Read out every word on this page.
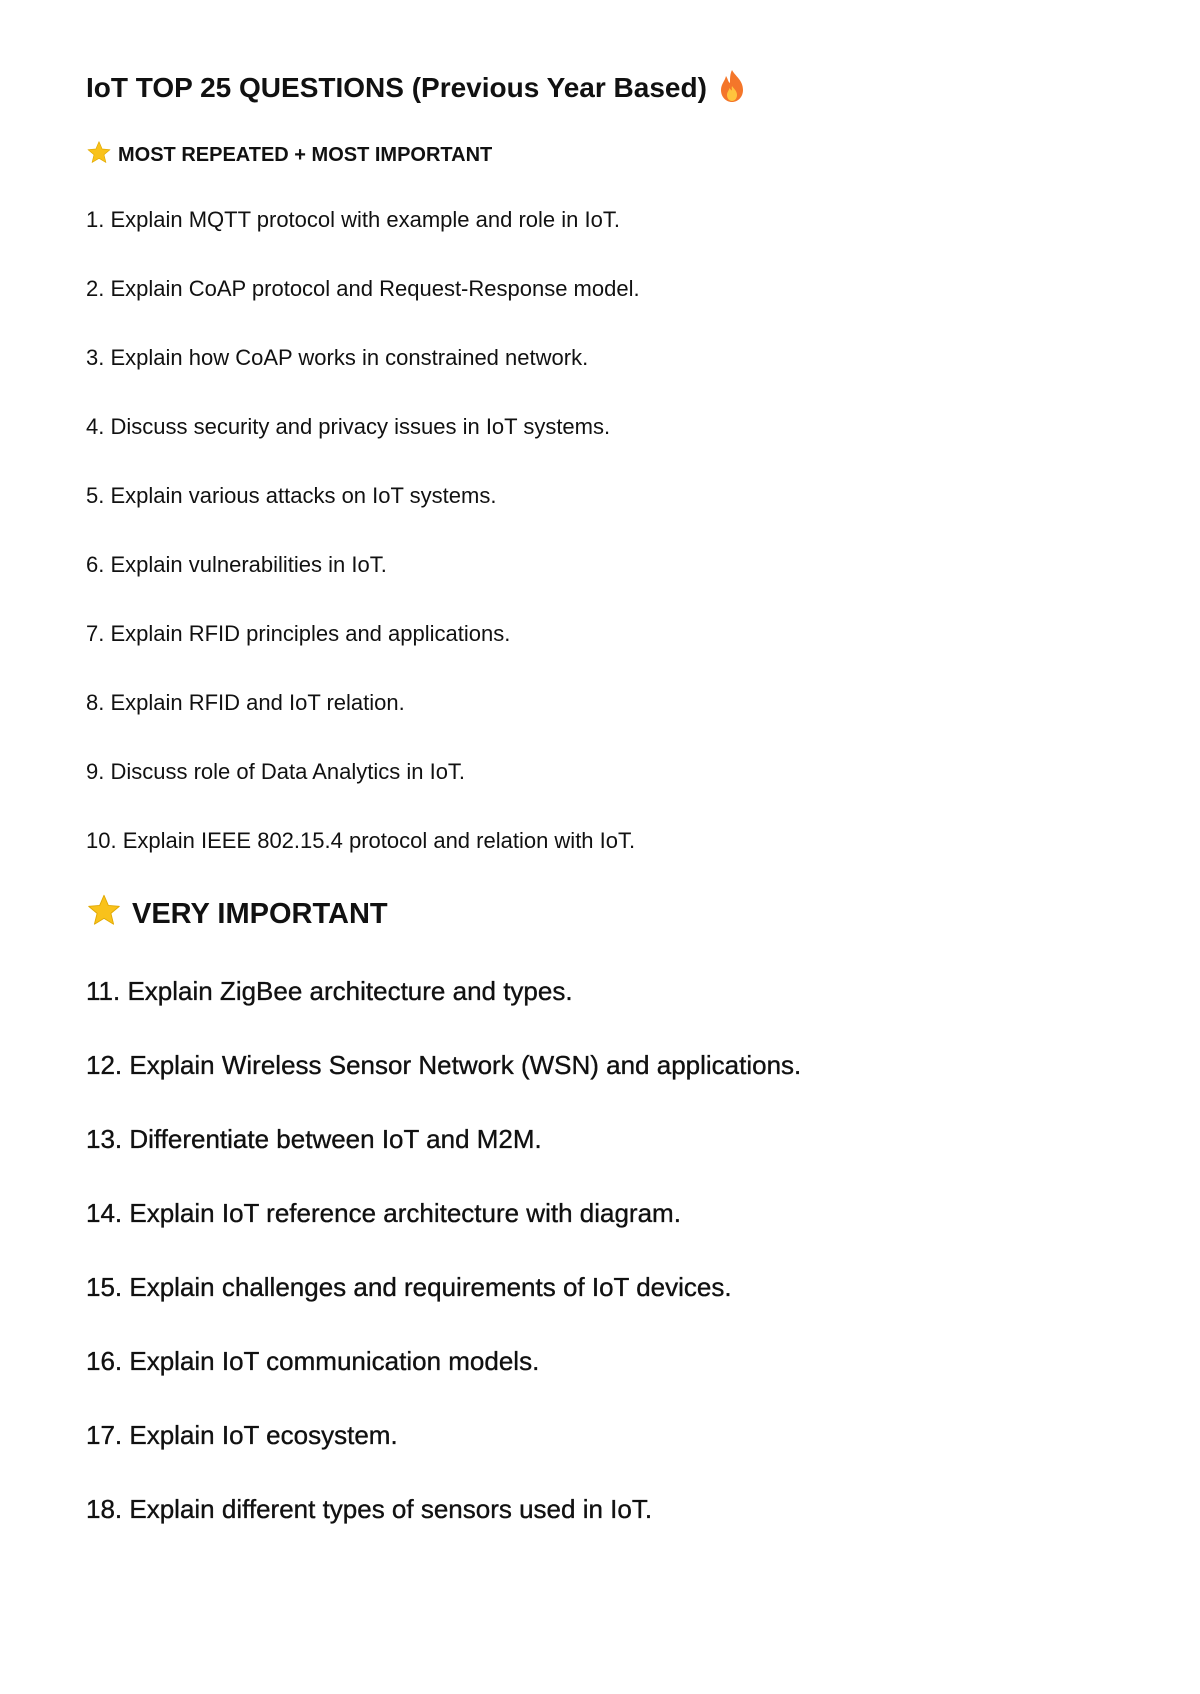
IoT TOP 25 QUESTIONS (Previous Year Based)
MOST REPEATED + MOST IMPORTANT
1. Explain MQTT protocol with example and role in IoT.
2. Explain CoAP protocol and Request-Response model.
3. Explain how CoAP works in constrained network.
4. Discuss security and privacy issues in IoT systems.
5. Explain various attacks on IoT systems.
6. Explain vulnerabilities in IoT.
7. Explain RFID principles and applications.
8. Explain RFID and IoT relation.
9. Discuss role of Data Analytics in IoT.
10. Explain IEEE 802.15.4 protocol and relation with IoT.
VERY IMPORTANT
11. Explain ZigBee architecture and types.
12. Explain Wireless Sensor Network (WSN) and applications.
13. Differentiate between IoT and M2M.
14. Explain IoT reference architecture with diagram.
15. Explain challenges and requirements of IoT devices.
16. Explain IoT communication models.
17. Explain IoT ecosystem.
18. Explain different types of sensors used in IoT.
